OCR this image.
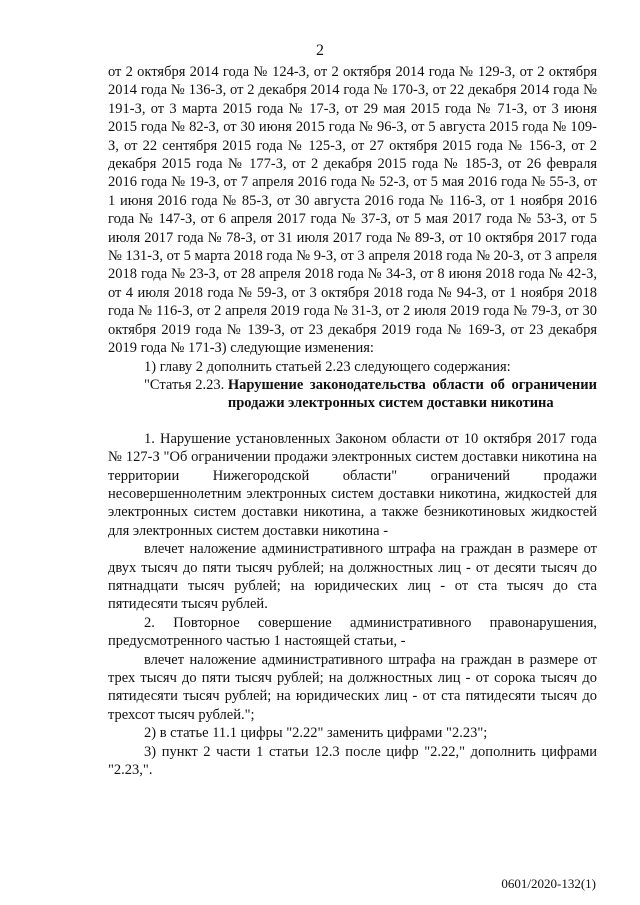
2

от 2 октября 2014 года № 124-З, от 2 октября 2014 года № 129-З, от 2 октября 2014 года № 136-З, от 2 декабря 2014 года № 170-З, от 22 декабря 2014 года № 191-З, от 3 марта 2015 года № 17-З, от 29 мая 2015 года № 71-З, от 3 июня 2015 года № 82-З, от 30 июня 2015 года № 96-З, от 5 августа 2015 года № 109-З, от 22 сентября 2015 года № 125-З, от 27 октября 2015 года № 156-З, от 2 декабря 2015 года № 177-З, от 2 декабря 2015 года № 185-З, от 26 февраля 2016 года № 19-З, от 7 апреля 2016 года № 52-З, от 5 мая 2016 года № 55-З, от 1 июня 2016 года № 85-З, от 30 августа 2016 года № 116-З, от 1 ноября 2016 года № 147-З, от 6 апреля 2017 года № 37-З, от 5 мая 2017 года № 53-З, от 5 июля 2017 года № 78-З, от 31 июля 2017 года № 89-З, от 10 октября 2017 года № 131-З, от 5 марта 2018 года № 9-З, от 3 апреля 2018 года № 20-З, от 3 апреля 2018 года № 23-З, от 28 апреля 2018 года № 34-З, от 8 июня 2018 года № 42-З, от 4 июля 2018 года № 59-З, от 3 октября 2018 года № 94-З, от 1 ноября 2018 года № 116-З, от 2 апреля 2019 года № 31-З, от 2 июля 2019 года № 79-З, от 30 октября 2019 года № 139-З, от 23 декабря 2019 года № 169-З, от 23 декабря 2019 года № 171-З) следующие изменения:

1) главу 2 дополнить статьей 2.23 следующего содержания:

"Статья 2.23. Нарушение законодательства области об ограничении продажи электронных систем доставки никотина

1. Нарушение установленных Законом области от 10 октября 2017 года № 127-З "Об ограничении продажи электронных систем доставки никотина на территории Нижегородской области" ограничений продажи несовершеннолетним электронных систем доставки никотина, жидкостей для электронных систем доставки никотина, а также безникотиновых жидкостей для электронных систем доставки никотина -

влечет наложение административного штрафа на граждан в размере от двух тысяч до пяти тысяч рублей; на должностных лиц - от десяти тысяч до пятнадцати тысяч рублей; на юридических лиц - от ста тысяч до ста пятидесяти тысяч рублей.

2. Повторное совершение административного правонарушения, предусмотренного частью 1 настоящей статьи, -

влечет наложение административного штрафа на граждан в размере от трех тысяч до пяти тысяч рублей; на должностных лиц - от сорока тысяч до пятидесяти тысяч рублей; на юридических лиц - от ста пятидесяти тысяч до трехсот тысяч рублей.";

2) в статье 11.1 цифры "2.22" заменить цифрами "2.23";

3) пункт 2 части 1 статьи 12.3 после цифр "2.22," дополнить цифрами "2.23,".

0601/2020-132(1)
